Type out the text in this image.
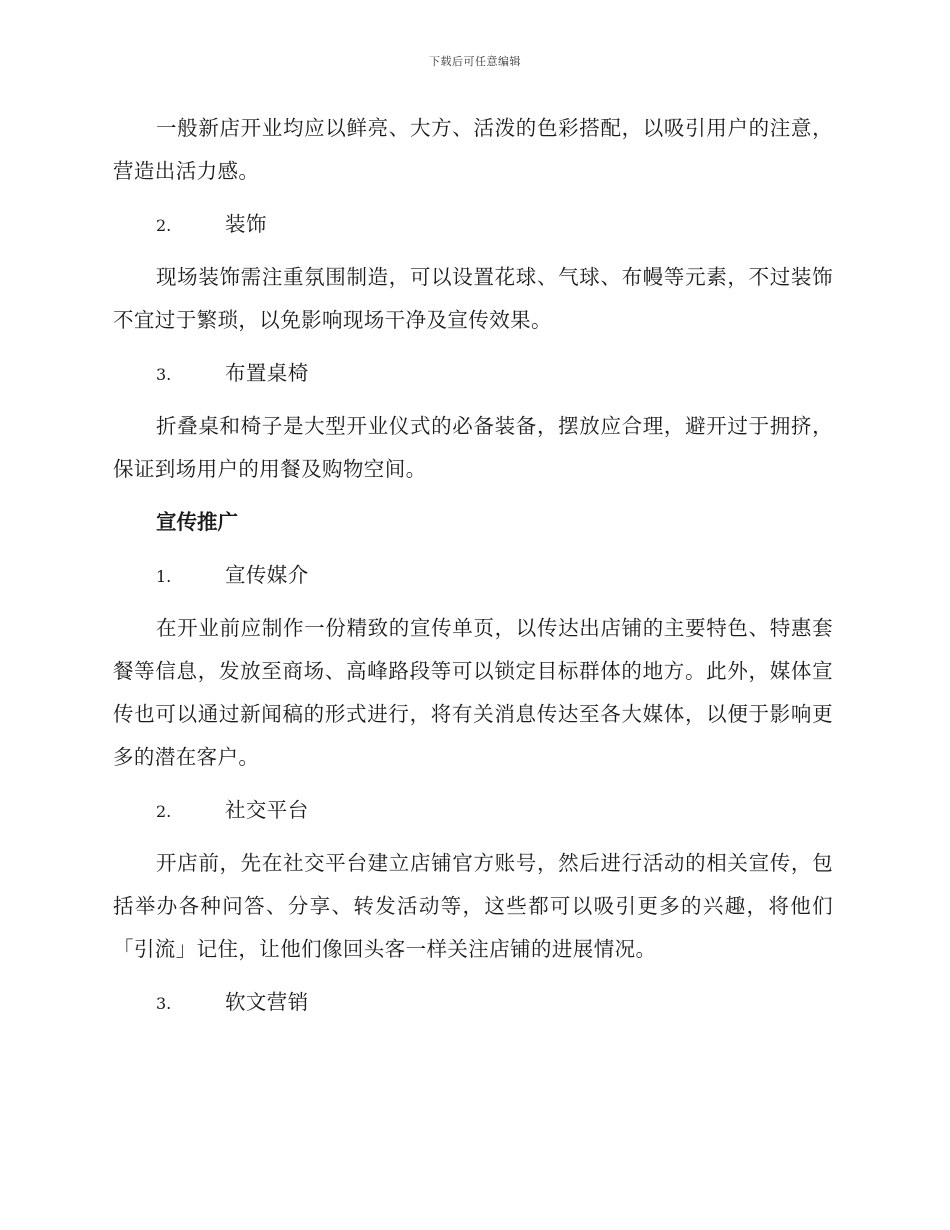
下载后可任意编辑

一般新店开业均应以鲜亮、大方、活泼的色彩搭配，以吸引用户的注意，营造出活力感。

2.	装饰

现场装饰需注重氛围制造，可以设置花球、气球、布幔等元素，不过装饰不宜过于繁琐，以免影响现场干净及宣传效果。

3.	布置桌椅

折叠桌和椅子是大型开业仪式的必备装备，摆放应合理，避开过于拥挤，保证到场用户的用餐及购物空间。

宣传推广
1.	宣传媒介

在开业前应制作一份精致的宣传单页，以传达出店铺的主要特色、特惠套餐等信息，发放至商场、高峰路段等可以锁定目标群体的地方。此外，媒体宣传也可以通过新闻稿的形式进行，将有关消息传达至各大媒体，以便于影响更多的潜在客户。

2.	社交平台

开店前，先在社交平台建立店铺官方账号，然后进行活动的相关宣传，包括举办各种问答、分享、转发活动等，这些都可以吸引更多的兴趣，将他们「引流」记住，让他们像回头客一样关注店铺的进展情况。

3.	软文营销
